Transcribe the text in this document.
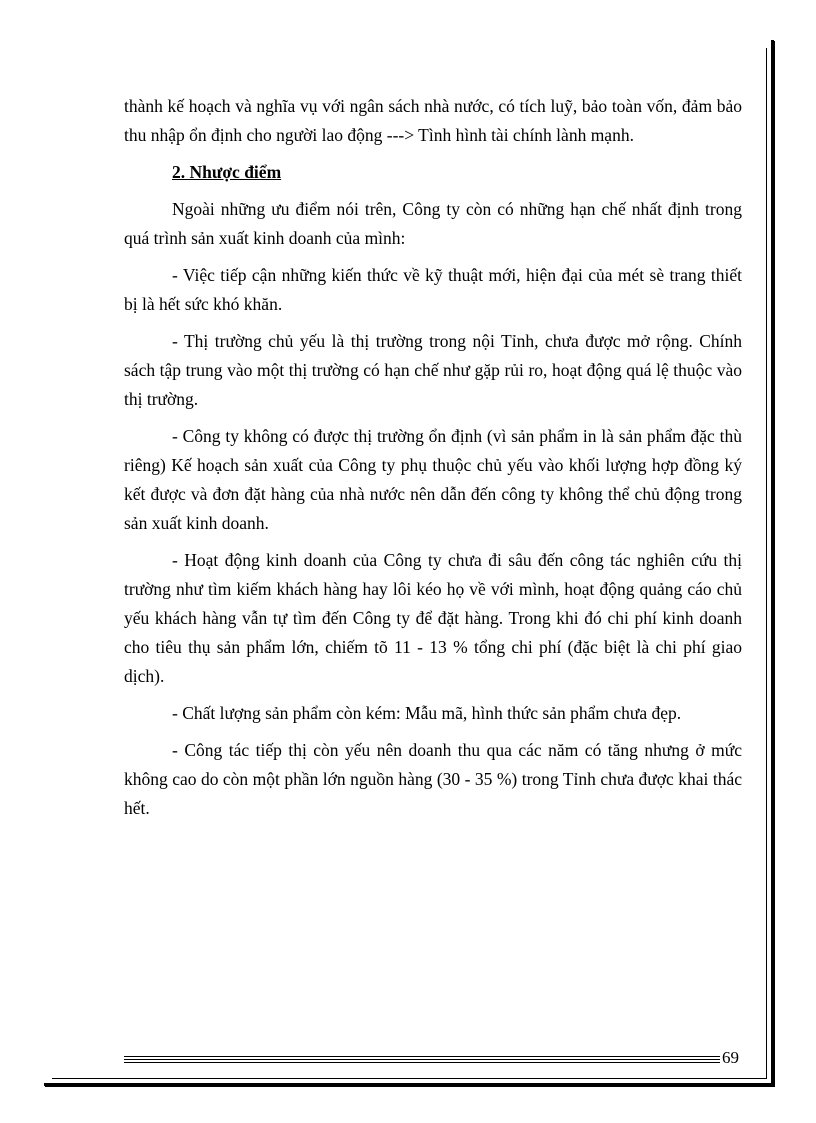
thành kế hoạch và nghĩa vụ với ngân sách nhà nước, có tích luỹ, bảo toàn vốn, đảm bảo thu nhập ổn định cho người lao động ---> Tình hình tài chính lành mạnh.

2. Nhược điểm

Ngoài những ưu điểm nói trên, Công ty còn có những hạn chế nhất định trong quá trình sản xuất kinh doanh của mình:

- Việc tiếp cận những kiến thức về kỹ thuật mới, hiện đại của mét sè trang thiết bị là hết sức khó khăn.

- Thị trường chủ yếu là thị trường trong nội Tỉnh, chưa được mở rộng. Chính sách tập trung vào một thị trường có hạn chế như gặp rủi ro, hoạt động quá lệ thuộc vào thị trường.

- Công ty không có được thị trường ổn định (vì sản phẩm in là sản phẩm đặc thù riêng) Kế hoạch sản xuất của Công ty phụ thuộc chủ yếu vào khối lượng hợp đồng ký kết được và đơn đặt hàng của nhà nước nên dẫn đến công ty không thể chủ động trong sản xuất kinh doanh.

- Hoạt động kinh doanh của Công ty chưa đi sâu đến công tác nghiên cứu thị trường như tìm kiếm khách hàng hay lôi kéo họ về với mình, hoạt động quảng cáo chủ yếu khách hàng vẫn tự tìm đến Công ty để đặt hàng. Trong khi đó chi phí kinh doanh cho tiêu thụ sản phẩm lớn, chiếm tõ 11 - 13 % tổng chi phí (đặc biệt là chi phí giao dịch).

- Chất lượng sản phẩm còn kém: Mẫu mã, hình thức sản phẩm chưa đẹp.

- Công tác tiếp thị còn yếu nên doanh thu qua các năm có tăng nhưng ở mức không cao do còn một phần lớn nguồn hàng (30 - 35 %) trong Tỉnh chưa được khai thác hết.

69
